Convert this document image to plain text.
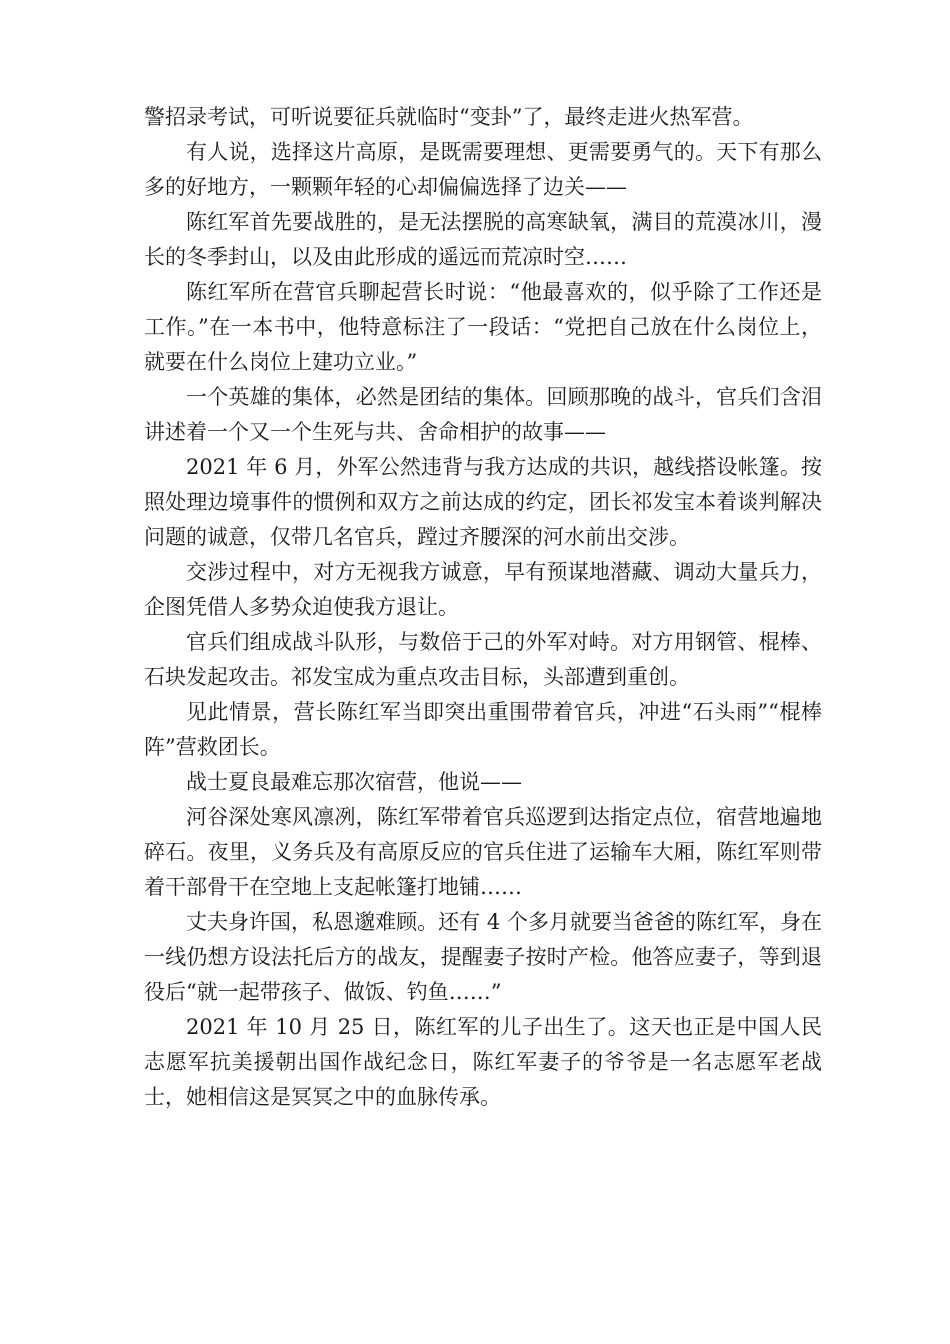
警招录考试，可听说要征兵就临时“变卦”了，最终走进火热军营。

有人说，选择这片高原，是既需要理想、更需要勇气的。天下有那么多的好地方，一颗颗年轻的心却偏偏选择了边关——

陈红军首先要战胜的，是无法摆脱的高寒缺氧，满目的荒漠冰川，漫长的冬季封山，以及由此形成的遥远而荒凉时空……

陈红军所在营官兵聊起营长时说：“他最喜欢的，似乎除了工作还是工作。”在一本书中，他特意标注了一段话：“党把自己放在什么岗位上，就要在什么岗位上建功立业。”

一个英雄的集体，必然是团结的集体。回顾那晚的战斗，官兵们含泪讲述着一个又一个生死与共、舍命相护的故事——

2021 年 6 月，外军公然违背与我方达成的共识，越线搭设帐篷。按照处理边境事件的惯例和双方之前达成的约定，团长祁发宝本着谈判解决问题的诚意，仅带几名官兵，蹚过齐腰深的河水前出交涉。

交涉过程中，对方无视我方诚意，早有预谋地潜藏、调动大量兵力，企图凭借人多势众迫使我方退让。

官兵们组成战斗队形，与数倍于己的外军对峙。对方用钢管、棍棒、石块发起攻击。祁发宝成为重点攻击目标，头部遭到重创。

见此情景，营长陈红军当即突出重围带着官兵，冲进“石头雨”“棍棒阵”营救团长。

战士夏良最难忘那次宿营，他说——

河谷深处寒风凛冽，陈红军带着官兵巡逻到达指定点位，宿营地遍地碎石。夜里，义务兵及有高原反应的官兵住进了运输车大厢，陈红军则带着干部骨干在空地上支起帐篷打地铺……

丈夫身许国，私恩邈难顾。还有 4 个多月就要当爸爸的陈红军，身在一线仍想方设法托后方的战友，提醒妻子按时产检。他答应妻子，等到退役后“就一起带孩子、做饭、钓鱼……”

2021 年 10 月 25 日，陈红军的儿子出生了。这天也正是中国人民志愿军抗美援朝出国作战纪念日，陈红军妻子的爷爷是一名志愿军老战士，她相信这是冥冥之中的血脉传承。
